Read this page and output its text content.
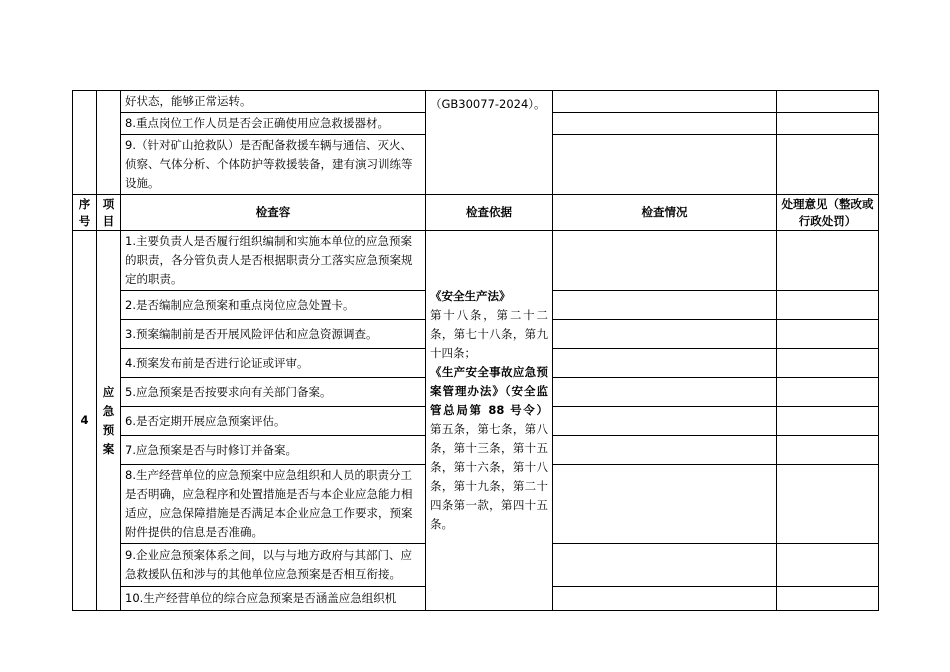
		好状态，能够正常运转。	（GB30077-2024）。		
		8.重点岗位工作人员是否会正确使用应急救援器材。			
		9.（针对矿山抢救队）是否配备救援车辆与通信、灭火、侦察、气体分析、个体防护等救援装备，建有演习训练等设施。			
序号	项目	检查容	检查依据	检查情况	处理意见（整改或行政处罚）
4	应急预案	1.主要负责人是否履行组织编制和实施本单位的应急预案的职责，各分管负责人是否根据职责分工落实应急预案规定的职责。	《安全生产法》
第十八条，第二十二条，第七十八条，第九十四条；
《生产安全事故应急预案管理办法》（安全监管总局第 88 号令） 第五条，第七条，第八条，第十三条，第十五条，第十六条，第十八条，第十九条，第二十四条第一款，第四十五条。		
		2.是否编制应急预案和重点岗位应急处置卡。			
		3.预案编制前是否开展风险评估和应急资源调查。			
		4.预案发布前是否进行论证或评审。			
		5.应急预案是否按要求向有关部门备案。			
		6.是否定期开展应急预案评估。			
		7.应急预案是否与时修订并备案。			
		8.生产经营单位的应急预案中应急组织和人员的职责分工是否明确，应急程序和处置措施是否与本企业应急能力相适应，应急保障措施是否满足本企业应急工作要求，预案附件提供的信息是否准确。			
		9.企业应急预案体系之间，以与与地方政府与其部门、应急救援队伍和涉与的其他单位应急预案是否相互衔接。			
		10.生产经营单位的综合应急预案是否涵盖应急组织机			
